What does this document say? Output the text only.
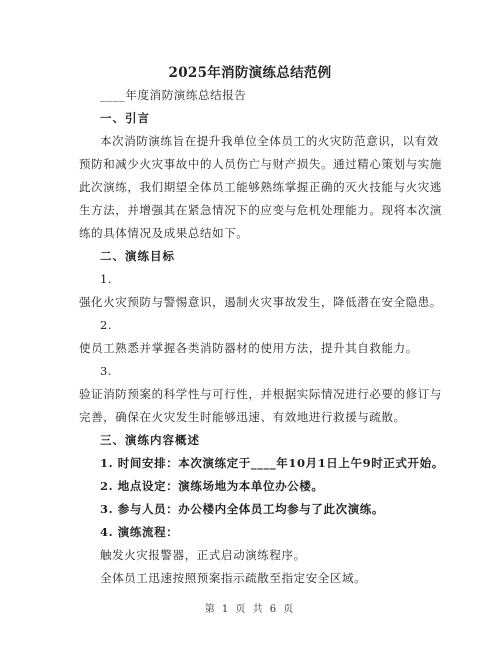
2025年消防演练总结范例
____年度消防演练总结报告
一、引言
本次消防演练旨在提升我单位全体员工的火灾防范意识，以有效
预防和减少火灾事故中的人员伤亡与财产损失。通过精心策划与实施
此次演练，我们期望全体员工能够熟练掌握正确的灭火技能与火灾逃
生方法，并增强其在紧急情况下的应变与危机处理能力。现将本次演
练的具体情况及成果总结如下。
二、演练目标
1.
强化火灾预防与警惕意识，遏制火灾事故发生，降低潜在安全隐患。
2.
使员工熟悉并掌握各类消防器材的使用方法，提升其自救能力。
3.
验证消防预案的科学性与可行性，并根据实际情况进行必要的修订与
完善，确保在火灾发生时能够迅速、有效地进行救援与疏散。
三、演练内容概述
1. 时间安排：本次演练定于____年10月1日上午9时正式开始。
2. 地点设定：演练场地为本单位办公楼。
3. 参与人员：办公楼内全体员工均参与了此次演练。
4. 演练流程：
触发火灾报警器，正式启动演练程序。
全体员工迅速按照预案指示疏散至指定安全区域。
第 1 页 共 6 页
